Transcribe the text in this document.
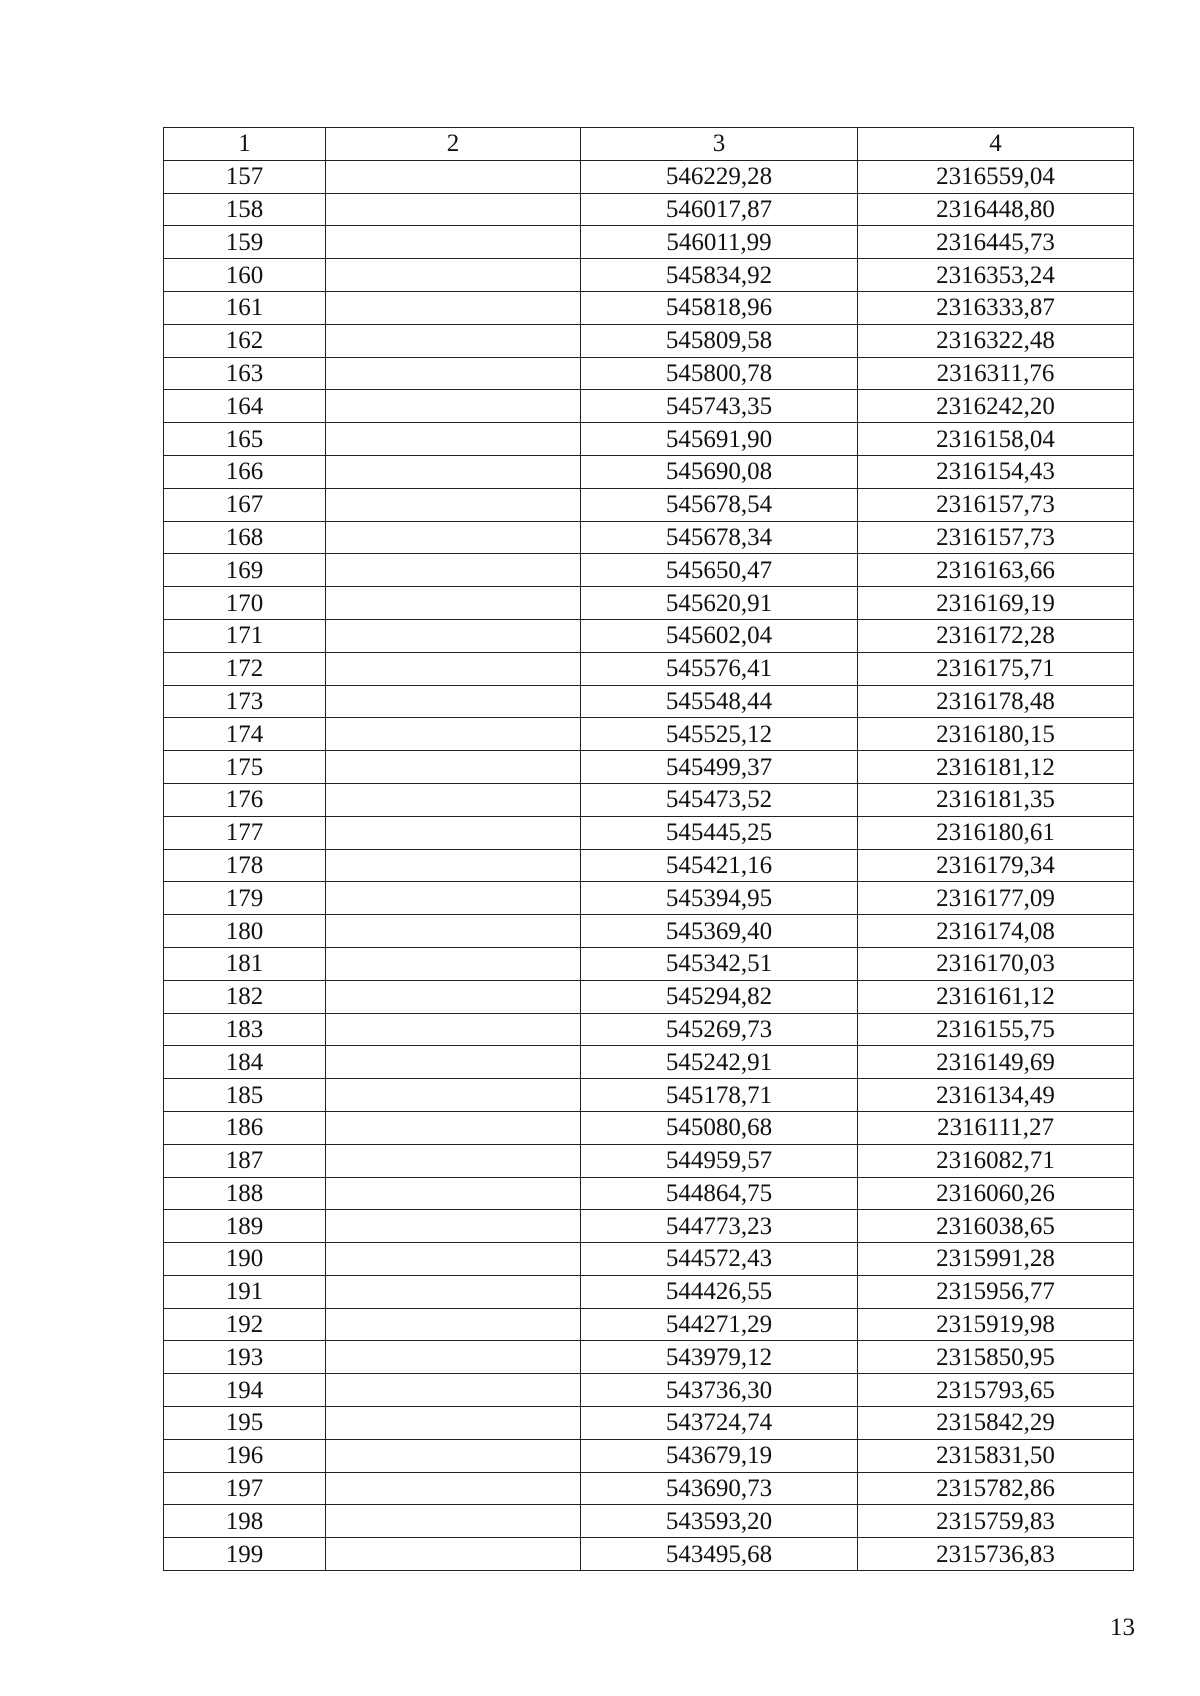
1	2	3	4
157		546229,28	2316559,04
158		546017,87	2316448,80
159		546011,99	2316445,73
160		545834,92	2316353,24
161		545818,96	2316333,87
162		545809,58	2316322,48
163		545800,78	2316311,76
164		545743,35	2316242,20
165		545691,90	2316158,04
166		545690,08	2316154,43
167		545678,54	2316157,73
168		545678,34	2316157,73
169		545650,47	2316163,66
170		545620,91	2316169,19
171		545602,04	2316172,28
172		545576,41	2316175,71
173		545548,44	2316178,48
174		545525,12	2316180,15
175		545499,37	2316181,12
176		545473,52	2316181,35
177		545445,25	2316180,61
178		545421,16	2316179,34
179		545394,95	2316177,09
180		545369,40	2316174,08
181		545342,51	2316170,03
182		545294,82	2316161,12
183		545269,73	2316155,75
184		545242,91	2316149,69
185		545178,71	2316134,49
186		545080,68	2316111,27
187		544959,57	2316082,71
188		544864,75	2316060,26
189		544773,23	2316038,65
190		544572,43	2315991,28
191		544426,55	2315956,77
192		544271,29	2315919,98
193		543979,12	2315850,95
194		543736,30	2315793,65
195		543724,74	2315842,29
196		543679,19	2315831,50
197		543690,73	2315782,86
198		543593,20	2315759,83
199		543495,68	2315736,83
13
